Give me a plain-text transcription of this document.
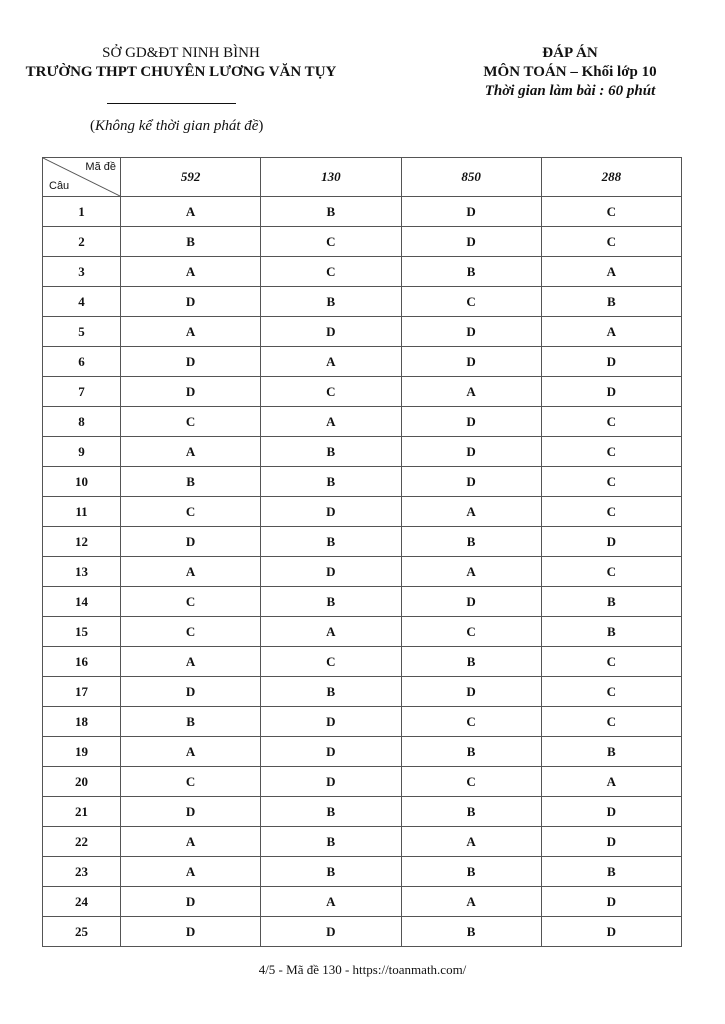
SỞ GD&ĐT NINH BÌNH
TRƯỜNG THPT CHUYÊN LƯƠNG VĂN TỤY
(Không kể thời gian phát đề)
ĐÁP ÁN
MÔN TOÁN – Khối lớp 10
Thời gian làm bài : 60 phút
Mã đề
Câu	592	130	850	288
1	A	B	D	C
2	B	C	D	C
3	A	C	B	A
4	D	B	C	B
5	A	D	D	A
6	D	A	D	D
7	D	C	A	D
8	C	A	D	C
9	A	B	D	C
10	B	B	D	C
11	C	D	A	C
12	D	B	B	D
13	A	D	A	C
14	C	B	D	B
15	C	A	C	B
16	A	C	B	C
17	D	B	D	C
18	B	D	C	C
19	A	D	B	B
20	C	D	C	A
21	D	B	B	D
22	A	B	A	D
23	A	B	B	B
24	D	A	A	D
25	D	D	B	D
4/5 - Mã đề 130 - https://toanmath.com/
